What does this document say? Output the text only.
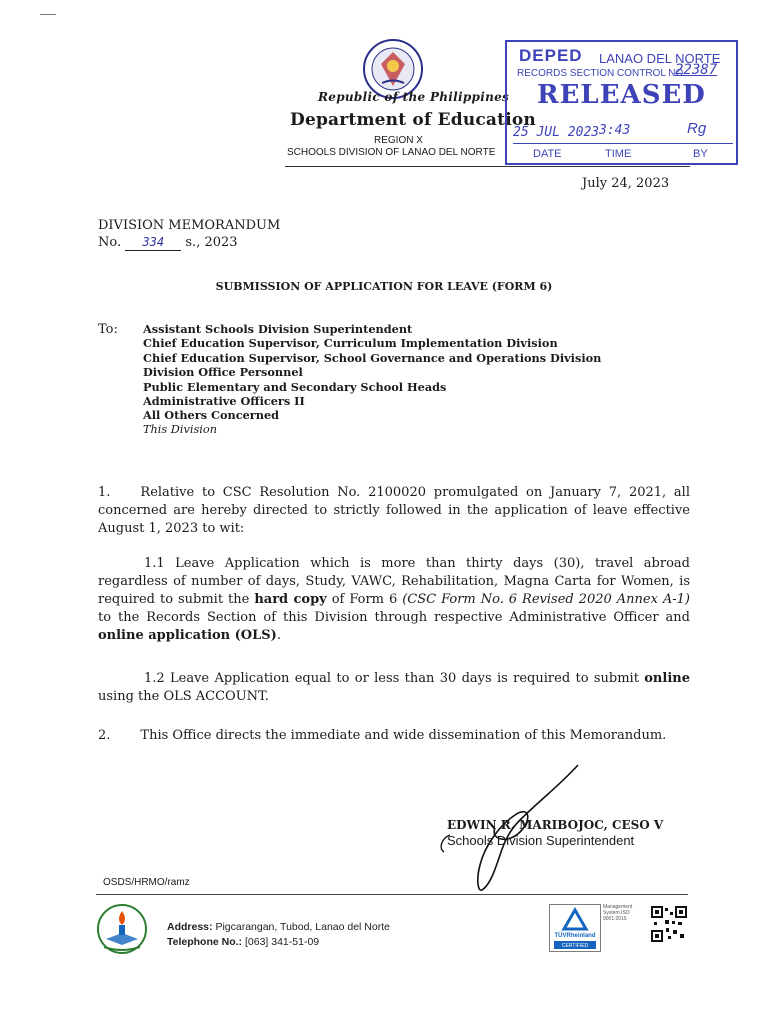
Republic of the Philippines
Department of Education
REGION X
SCHOOLS DIVISION OF LANAO DEL NORTE
DEPED LANAO DEL NORTE
RECORDS SECTION CONTROL NO.
22387
RELEASED
25 JUL 2023 3:43	Rg
DATE	TIME	BY
July 24, 2023
DIVISION MEMORANDUM
No. 334 s., 2023
SUBMISSION OF APPLICATION FOR LEAVE (FORM 6)
To: Assistant Schools Division Superintendent
Chief Education Supervisor, Curriculum Implementation Division
Chief Education Supervisor, School Governance and Operations Division
Division Office Personnel
Public Elementary and Secondary School Heads
Administrative Officers II
All Others Concerned
This Division
1. Relative to CSC Resolution No. 2100020 promulgated on January 7, 2021, all concerned are hereby directed to strictly followed in the application of leave effective August 1, 2023 to wit:
1.1 Leave Application which is more than thirty days (30), travel abroad regardless of number of days, Study, VAWC, Rehabilitation, Magna Carta for Women, is required to submit the hard copy of Form 6 (CSC Form No. 6 Revised 2020 Annex A-1) to the Records Section of this Division through respective Administrative Officer and online application (OLS).
1.2 Leave Application equal to or less than 30 days is required to submit online using the OLS ACCOUNT.
2. This Office directs the immediate and wide dissemination of this Memorandum.
EDWIN R. MARIBOJOC, CESO V
Schools Division Superintendent
OSDS/HRMO/ramz
Address: Pigcarangan, Tubod, Lanao del Norte
Telephone No.: [063] 341-51-09	TÜVRheinland
CERTIFIED
Management System ISO 9001:2015
